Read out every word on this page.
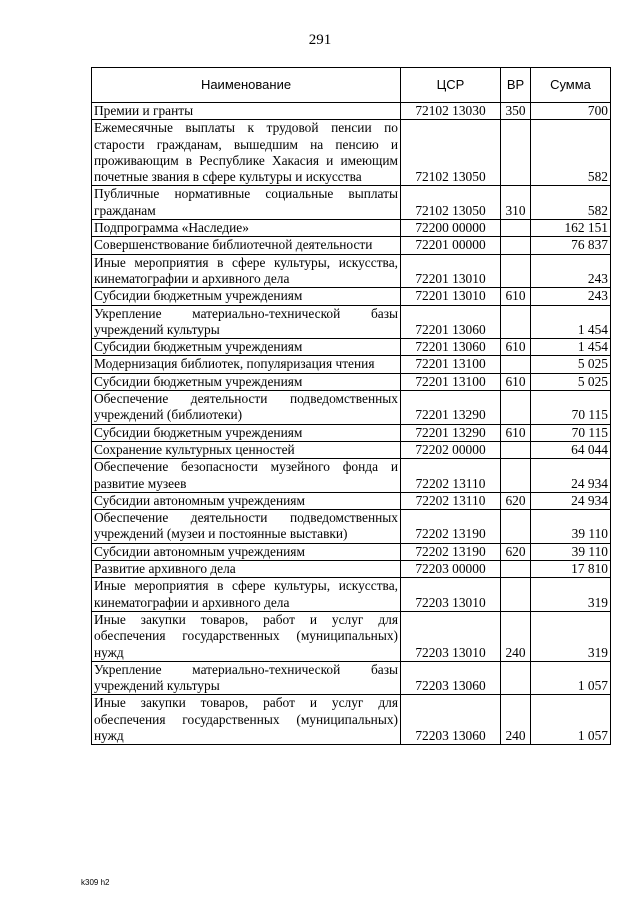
291
Наименование	ЦСР	ВР	Сумма
Премии и гранты	72102 13030	350	700
Ежемесячные выплаты к трудовой пенсии по старости гражданам, вышедшим на пенсию и проживающим в Республике Хакасия и имеющим почетные звания в сфере культуры и искусства	72102 13050		582
Публичные нормативные социальные выплаты гражданам	72102 13050	310	582
Подпрограмма «Наследие»	72200 00000		162 151
Совершенствование библиотечной деятельности	72201 00000		76 837
Иные мероприятия в сфере культуры, искусства, кинематографии и архивного дела	72201 13010		243
Субсидии бюджетным учреждениям	72201 13010	610	243
Укрепление материально-технической базы учреждений культуры	72201 13060		1 454
Субсидии бюджетным учреждениям	72201 13060	610	1 454
Модернизация библиотек, популяризация чтения	72201 13100		5 025
Субсидии бюджетным учреждениям	72201 13100	610	5 025
Обеспечение деятельности подведомственных учреждений (библиотеки)	72201 13290		70 115
Субсидии бюджетным учреждениям	72201 13290	610	70 115
Сохранение культурных ценностей	72202 00000		64 044
Обеспечение безопасности музейного фонда и развитие музеев	72202 13110		24 934
Субсидии автономным учреждениям	72202 13110	620	24 934
Обеспечение деятельности подведомственных учреждений (музеи и постоянные выставки)	72202 13190		39 110
Субсидии автономным учреждениям	72202 13190	620	39 110
Развитие архивного дела	72203 00000		17 810
Иные мероприятия в сфере культуры, искусства, кинематографии и архивного дела	72203 13010		319
Иные закупки товаров, работ и услуг для обеспечения государственных (муниципальных) нужд	72203 13010	240	319
Укрепление материально-технической базы учреждений культуры	72203 13060		1 057
Иные закупки товаров, работ и услуг для обеспечения государственных (муниципальных) нужд	72203 13060	240	1 057
k309 h2
